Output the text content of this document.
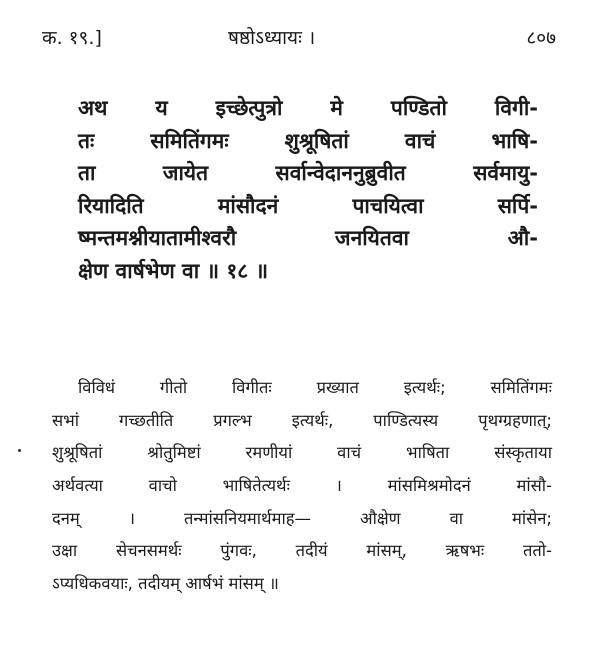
क. १९.]	षष्ठोऽध्यायः ।	८०७
अथ य इच्छेत्पुत्रो मे पण्डितो विगी-
तः समितिंगमः शुश्रूषितां वाचं भाषि-
ता जायेत सर्वान्वेदाननुब्रुवीत सर्वमायु-
रियादिति मांसौदनं पाचयित्वा सर्पि-
ष्मन्तमश्नीयातामीश्वरौ जनयितवा औ-
क्षेण वार्षभेण वा ॥ १८ ॥
विविधं गीतो विगीतः प्रख्यात इत्यर्थः; समितिंगमः
सभां गच्छतीति प्रगल्भ इत्यर्थः, पाण्डित्यस्य पृथग्ग्रहणात्;
शुश्रूषितां श्रोतुमिष्टां रमणीयां वाचं भाषिता संस्कृताया
अर्थवत्या वाचो भाषितेत्यर्थः । मांसमिश्रमोदनं मांसौ-
दनम् । तन्मांसनियमार्थमाह— औक्षेण वा मांसेन;
उक्षा सेचनसमर्थः पुंगवः, तदीयं मांसम्, ऋषभः ततो-
ऽप्यधिकवयाः, तदीयम् आर्षभं मांसम् ॥
